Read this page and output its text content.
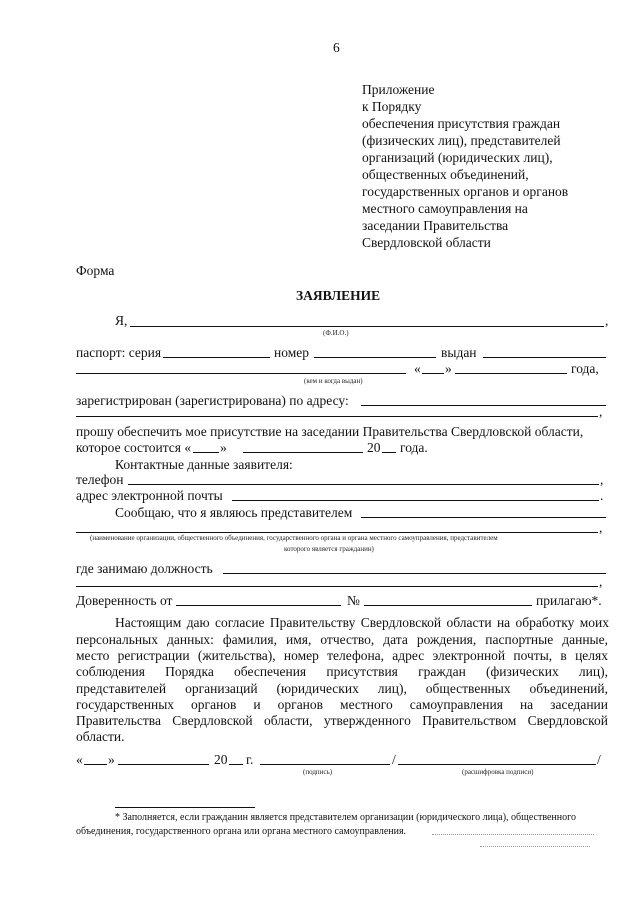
6
Приложение
к Порядку
обеспечения присутствия граждан
(физических лиц), представителей
организаций (юридических лиц),
общественных объединений,
государственных органов и органов
местного самоуправления на
заседании Правительства
Свердловской области
Форма
ЗАЯВЛЕНИЕ
Я,	,
(Ф.И.О.)
паспорт: серия	номер	выдан
« »	года,
(кем и когда выдан)
зарегистрирован (зарегистрирована) по адресу:
,
прошу обеспечить мое присутствие на заседании Правительства Свердловской области,
которое состоится « »	20 года.
Контактные данные заявителя:
телефон	,
адрес электронной почты	.
Сообщаю, что я являюсь представителем
,
(наименование организации, общественного объединения, государственного органа и органа местного самоуправления, представителем
которого является гражданин)
где занимаю должность
,
Доверенность от	№	прилагаю*.
Настоящим даю согласие Правительству Свердловской области на обработку моих
персональных данных: фамилия, имя, отчество, дата рождения, паспортные данные,
место регистрации (жительства), номер телефона, адрес электронной почты, в целях
соблюдения Порядка обеспечения присутствия граждан (физических лиц),
представителей организаций (юридических лиц), общественных объединений,
государственных органов и органов местного самоуправления на заседании
Правительства Свердловской области, утвержденного Правительством Свердловской
области.
« »	20 г.	/	/
(подпись)	(расшифровка подписи)
* Заполняется, если гражданин является представителем организации (юридического лица), общественного
объединения, государственного органа или органа местного самоуправления.
